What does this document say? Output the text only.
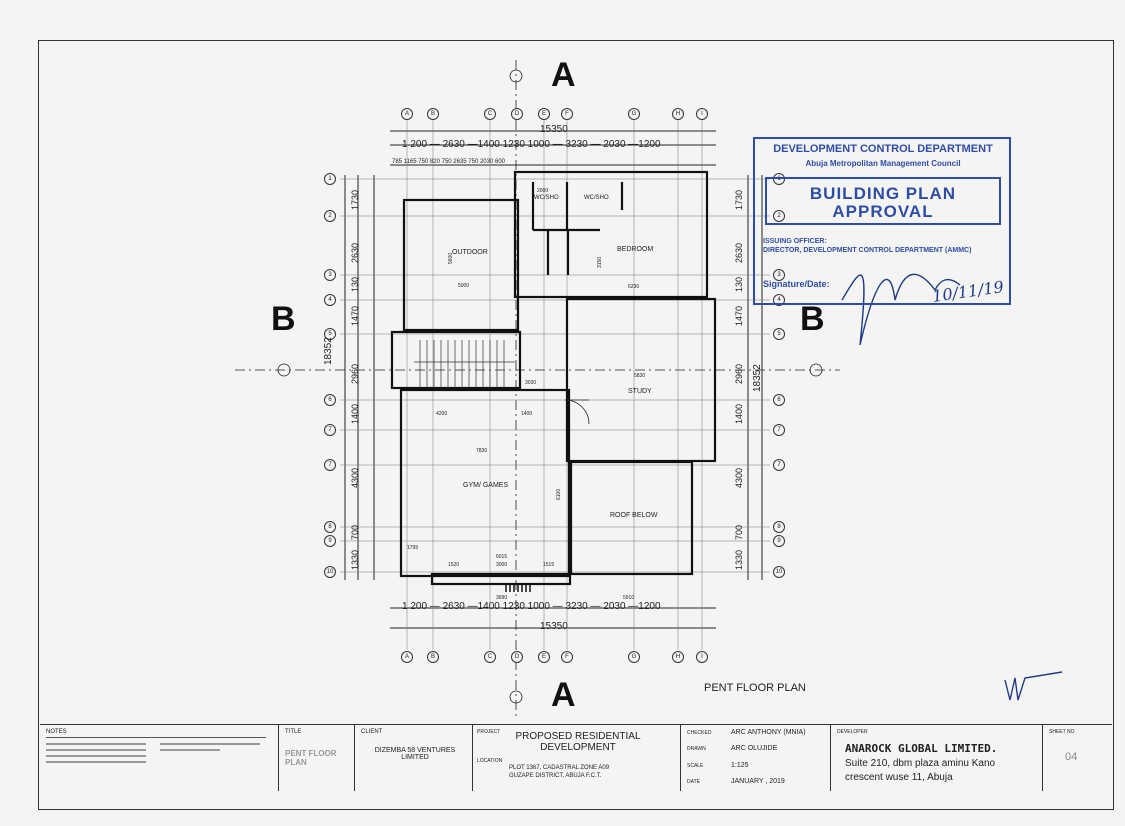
A
A
B	B
A	B	C	D	E	F	G	H	I
A	B	C	D	E	F	G	H	I
1
2
3
4
5
6
7
7
8
9
10
1
2
3
4
5
6
7
7
8
9
10
15350
1 200 — 2630 —1400 1230 1000 — 3230 — 2030 —1200
785 1165 750 820 750 2635 750 2030 600
1 200 — 2630 —1400 1230 1000 — 3230 — 2030 —1200
15350
18352
18352
1730
2630
130
1470
2960
1400
4300
700
1330
1730
2630
130
1470
2960
1400
4300
700
1330
OUTDOOR
WC/SHO	WC/SHO
BEDROOM
STUDY
GYM/ GAMES
ROOF BELOW
5000
5600
2000
6230
3150
3030
5830
4200	1400
7830
6100
1795
6015
1520	3000	1515
3690	5910
PENT FLOOR PLAN
DEVELOPMENT CONTROL DEPARTMENT
Abuja Metropolitan Management Council
BUILDING PLAN
APPROVAL
ISSUING OFFICER:
DIRECTOR, DEVELOPMENT CONTROL DEPARTMENT (AMMC)
Signature/Date:	10/11/19
NOTES	TITLE
PENT FLOOR PLAN
CLIENT
DIZEMBA 58 VENTURES LIMITED
PROJECT	PROPOSED RESIDENTIAL DEVELOPMENT
LOCATION
PLOT 1367, CADASTRAL ZONE A09
GUZAPE DISTRICT, ABUJA F.C.T.
CHECKED	ARC ANTHONY (MNIA)
DRAWN	ARC OLUJIDE
SCALE	1:125
DATE	JANUARY , 2019
DEVELOPER
ANAROCK GLOBAL LIMITED.
Suite 210, dbm plaza aminu Kano
crescent wuse 11, Abuja
SHEET NO
04
